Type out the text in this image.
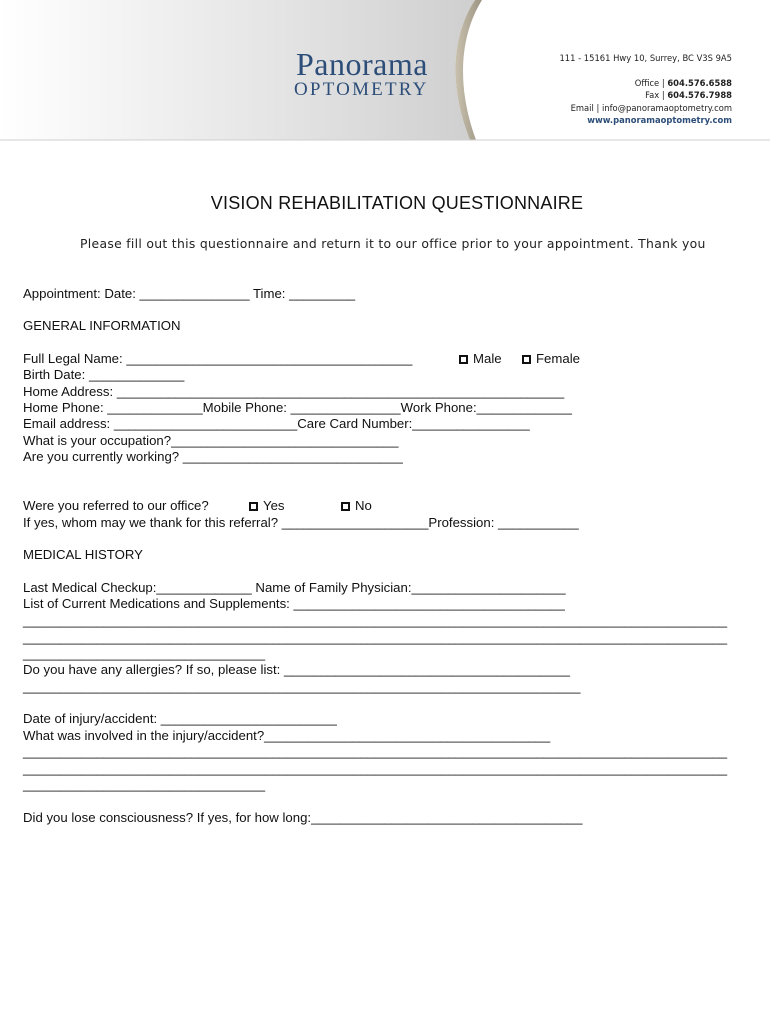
Panorama
OPTOMETRY
111 - 15161 Hwy 10, Surrey, BC V3S 9A5
Office | 604.576.6588
Fax | 604.576.7988
Email | info@panoramaoptometry.com
www.panoramaoptometry.com
VISION REHABILITATION QUESTIONNAIRE
Please fill out this questionnaire and return it to our office prior to your appointment. Thank you
Appointment: Date: _______________ Time: _________
GENERAL INFORMATION
Full Legal Name: _______________________________________	Male	Female
Birth Date: _____________
Home Address: _____________________________________________________________
Home Phone: _____________Mobile Phone: _______________Work Phone:_____________
Email address: _________________________Care Card Number:________________
What is your occupation?_______________________________
Are you currently working? ______________________________
Were you referred to our office?	Yes	No
If yes, whom may we thank for this referral? ____________________Profession: ___________
MEDICAL HISTORY
Last Medical Checkup:_____________ Name of Family Physician:_____________________
List of Current Medications and Supplements: _____________________________________
________________________________________________________________________________________________
________________________________________________________________________________________________
_________________________________
Do you have any allergies? If so, please list: _______________________________________
____________________________________________________________________________
Date of injury/accident: ________________________
What was involved in the injury/accident?_______________________________________
________________________________________________________________________________________________
________________________________________________________________________________________________
_________________________________
Did you lose consciousness? If yes, for how long:_____________________________________
